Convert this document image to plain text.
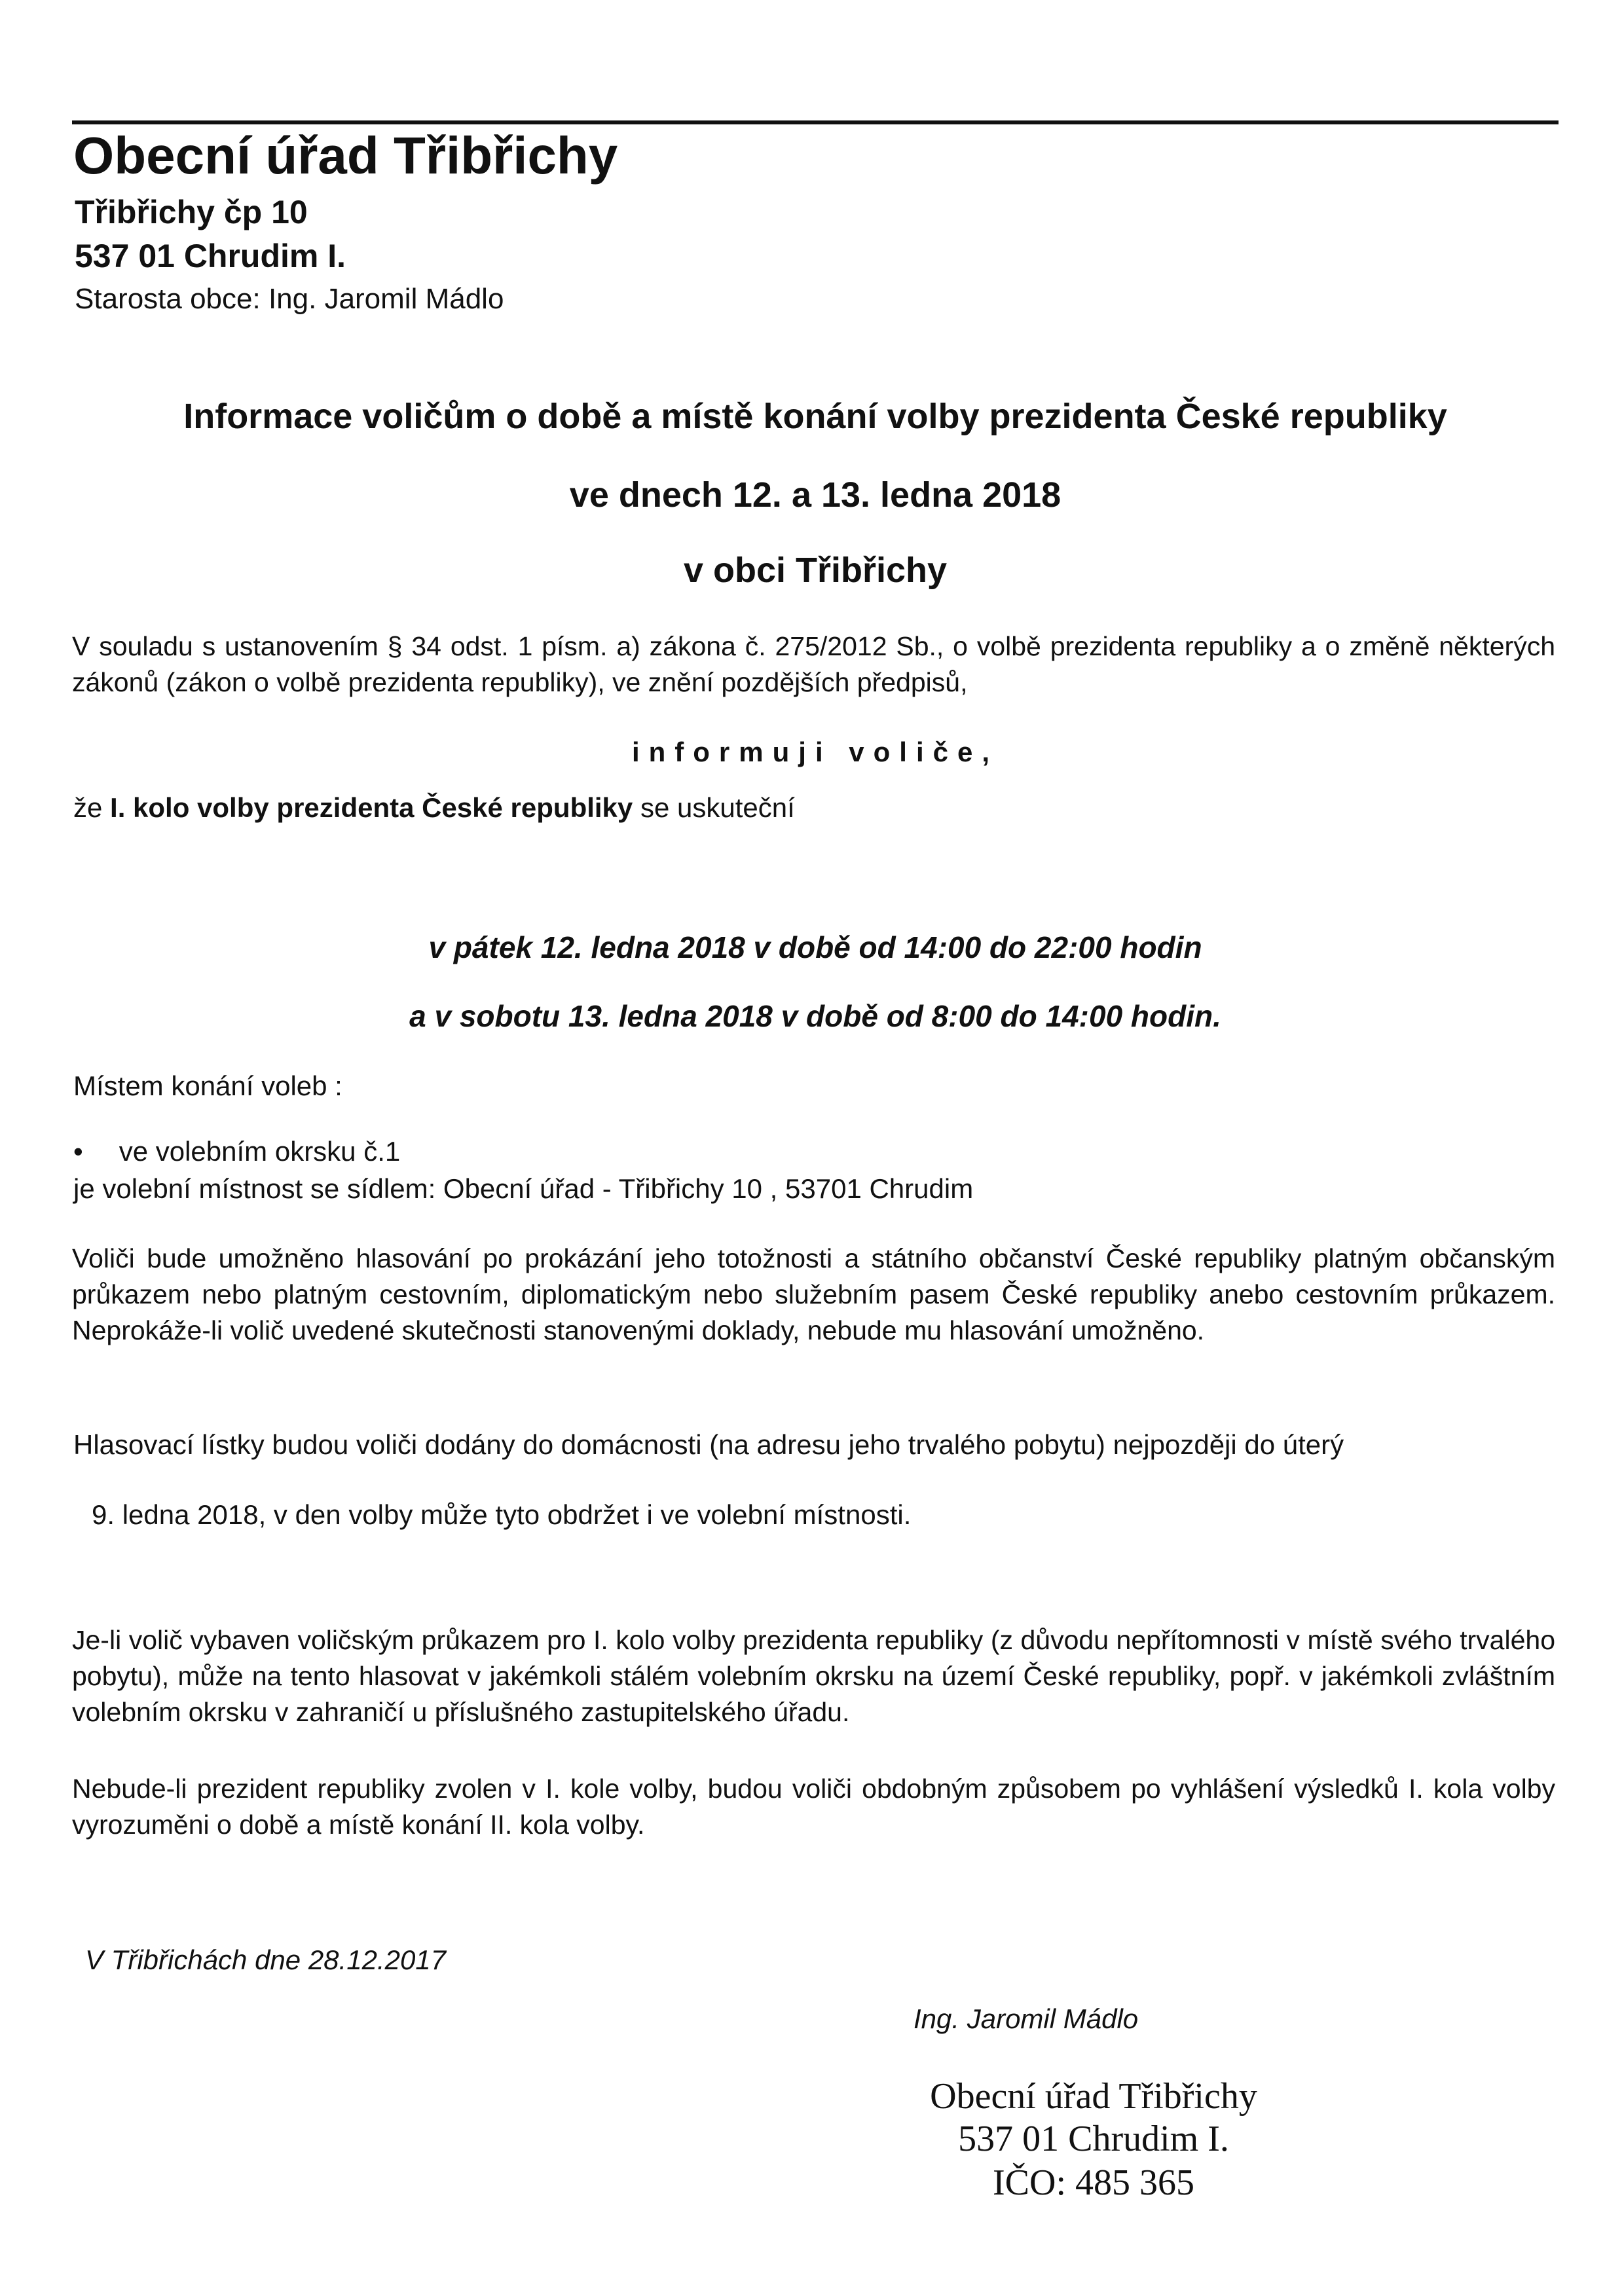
Obecní úřad Třibřichy
Třibřichy čp 10
537 01 Chrudim I.
Starosta obce: Ing. Jaromil Mádlo
Informace voličům o době a místě konání volby prezidenta České republiky
ve dnech 12. a 13. ledna 2018
v obci Třibřichy

V souladu s ustanovením § 34 odst. 1 písm. a) zákona č. 275/2012 Sb., o volbě prezidenta republiky a o změně některých zákonů (zákon o volbě prezidenta republiky), ve znění pozdějších předpisů,

informuji voliče,
že I. kolo volby prezidenta České republiky se uskuteční
v pátek 12. ledna 2018 v době od 14:00 do 22:00 hodin
a v sobotu 13. ledna 2018 v době od 8:00 do 14:00 hodin.
Místem konání voleb :
• ve volebním okrsku č.1
je volební místnost se sídlem: Obecní úřad - Třibřichy 10 , 53701 Chrudim

Voliči bude umožněno hlasování po prokázání jeho totožnosti a státního občanství České republiky platným občanským průkazem nebo platným cestovním, diplomatickým nebo služebním pasem České republiky anebo cestovním průkazem. Neprokáže-li volič uvedené skutečnosti stanovenými doklady, nebude mu hlasování umožněno.

Hlasovací lístky budou voliči dodány do domácnosti (na adresu jeho trvalého pobytu) nejpozději do úterý
9. ledna 2018, v den volby může tyto obdržet i ve volební místnosti.

Je-li volič vybaven voličským průkazem pro I. kolo volby prezidenta republiky (z důvodu nepřítomnosti v místě svého trvalého pobytu), může na tento hlasovat v jakémkoli stálém volebním okrsku na území České republiky, popř. v jakémkoli zvláštním volebním okrsku v zahraničí u příslušného zastupitelského úřadu.

Nebude-li prezident republiky zvolen v I. kole volby, budou voliči obdobným způsobem po vyhlášení výsledků I. kola volby vyrozuměni o době a místě konání II. kola volby.

V Třibřichách dne 28.12.2017
Ing. Jaromil Mádlo
Obecní úřad Třibřichy
537 01 Chrudim I.
IČO: 485 365
